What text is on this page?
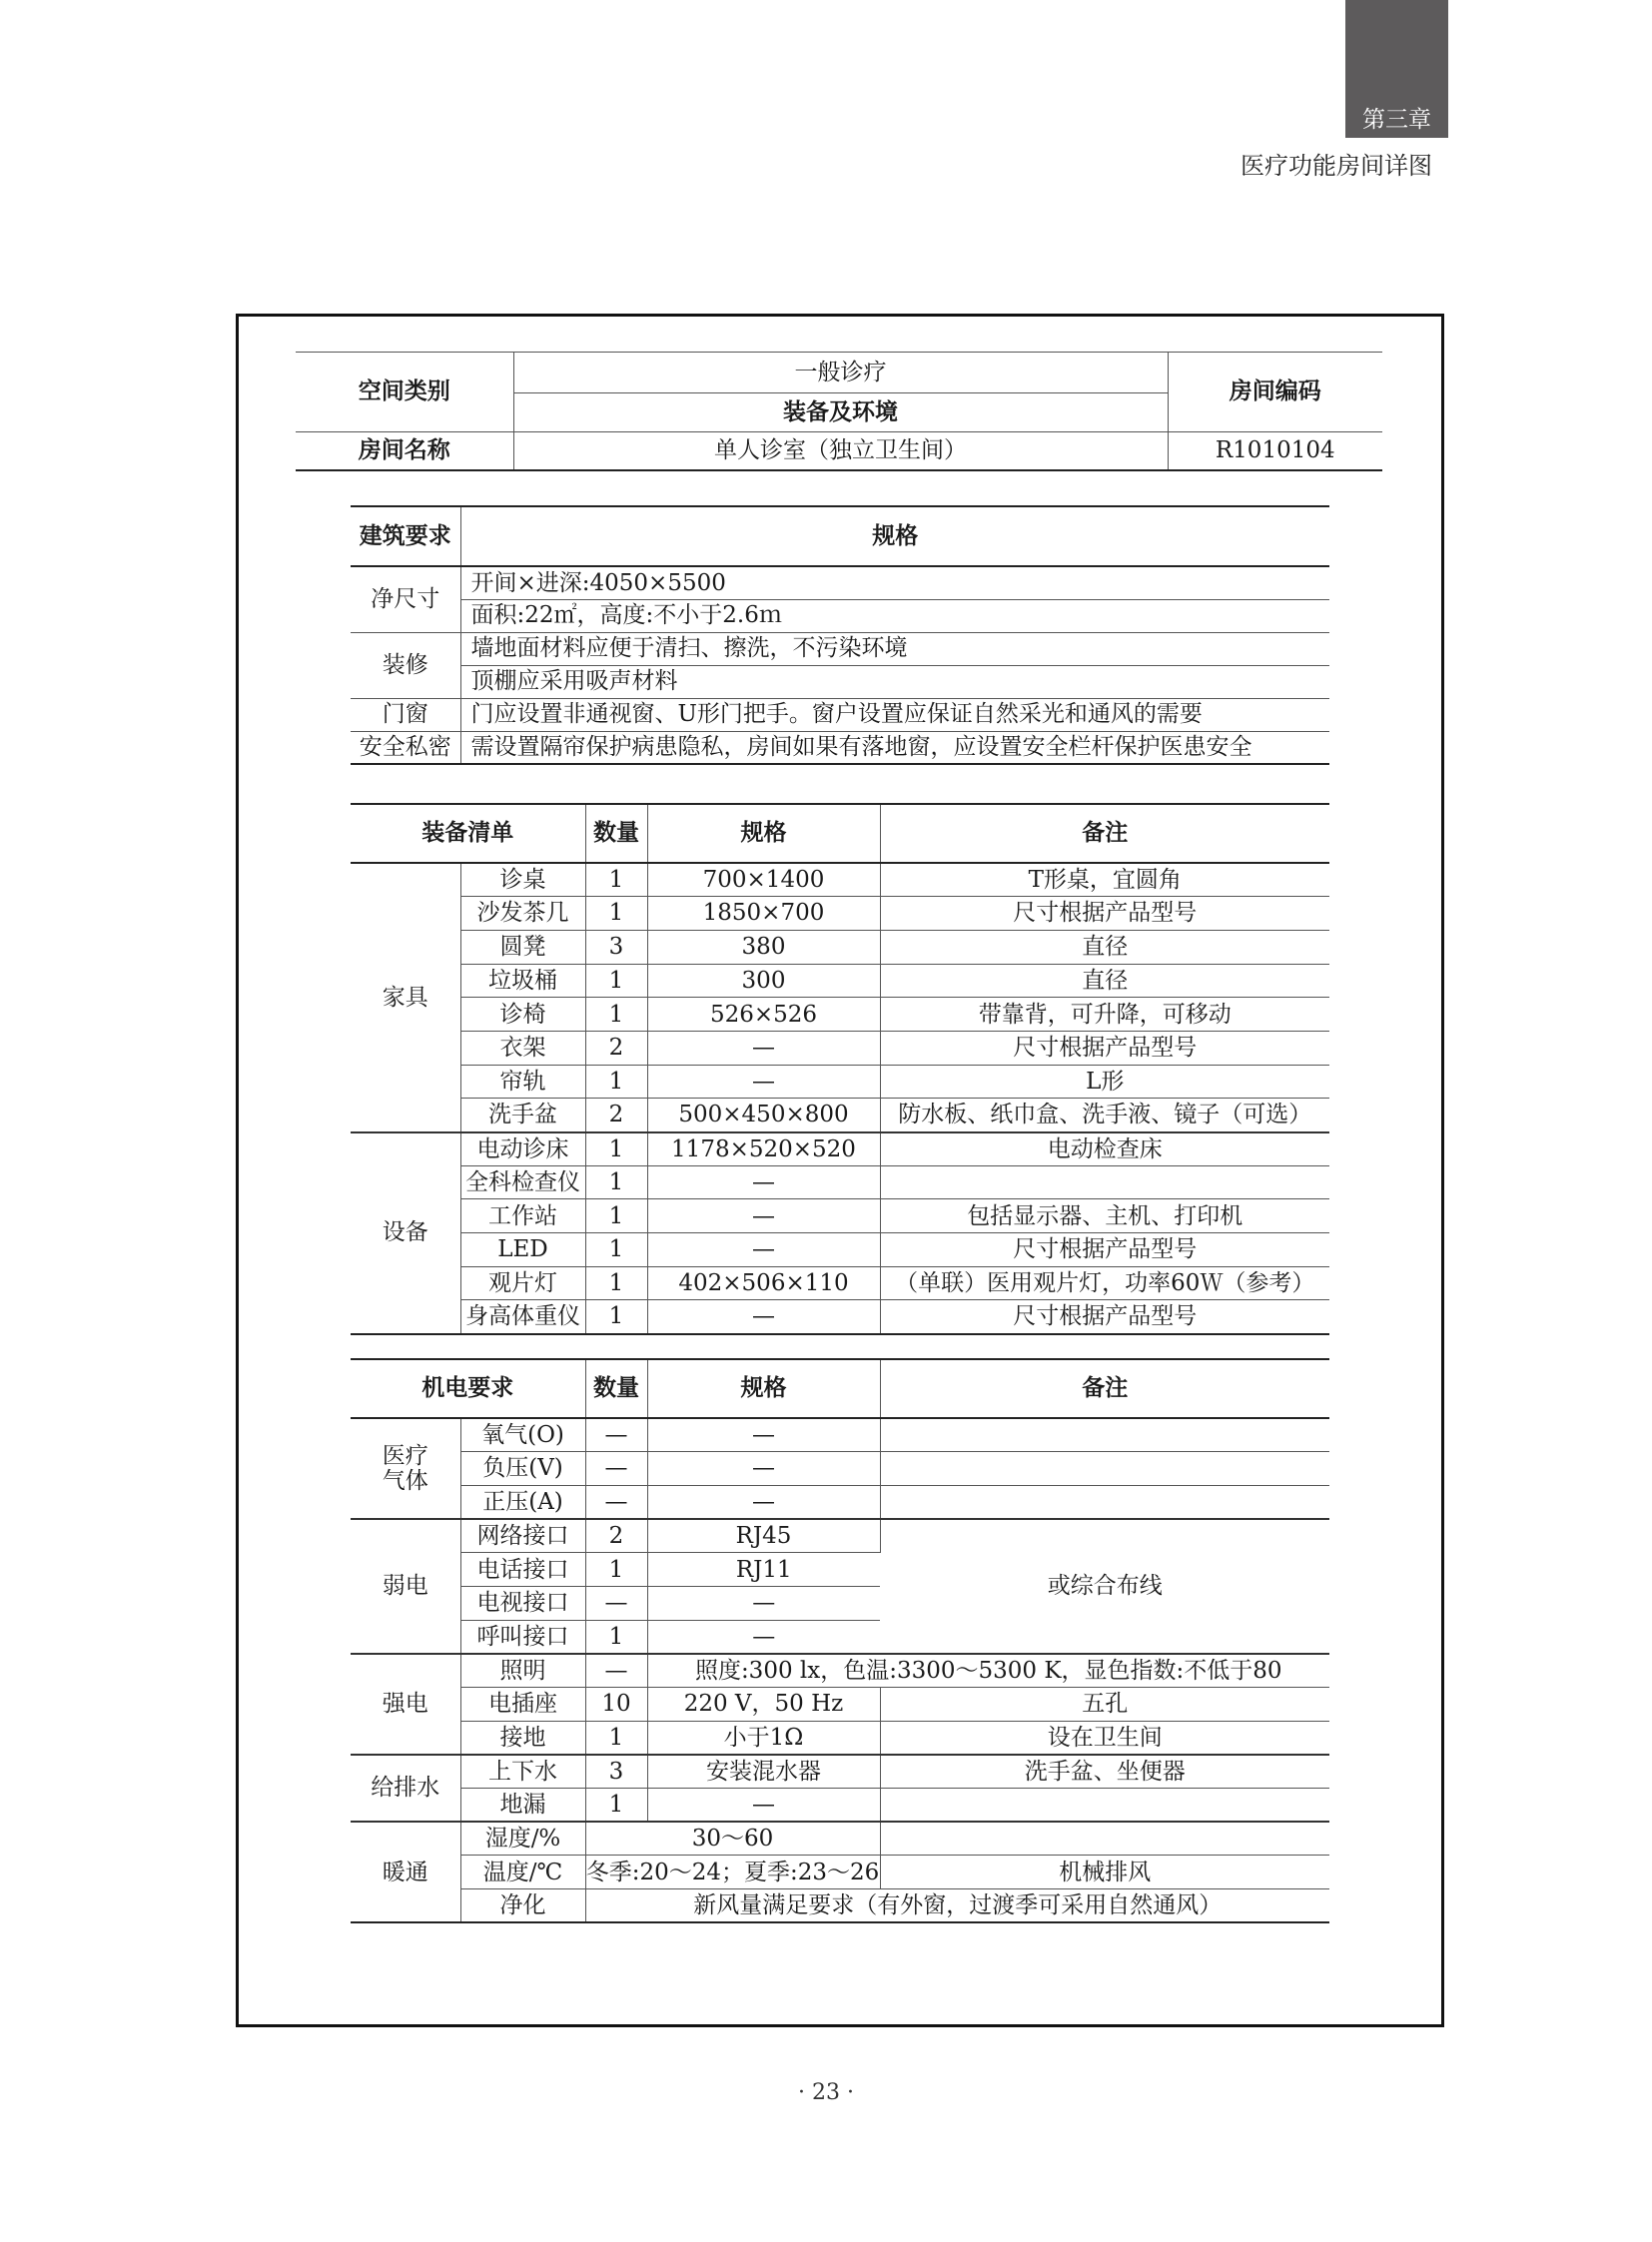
第三章
医疗功能房间详图
空间类别	一般诊疗	房间编码
	装备及环境	
房间名称	单人诊室（独立卫生间）	R1010104
建筑要求	规格
净尺寸	开间×进深:4050×5500
	面积:22㎡，高度:不小于2.6ｍ
装修	墙地面材料应便于清扫、擦洗，不污染环境
	顶棚应采用吸声材料
门窗	门应设置非通视窗、U形门把手。窗户设置应保证自然采光和通风的需要
安全私密	需设置隔帘保护病患隐私，房间如果有落地窗，应设置安全栏杆保护医患安全
装备清单		数量	规格	备注
家具	诊桌	1	700×1400	T形桌，宜圆角
	沙发茶几	1	1850×700	尺寸根据产品型号
	圆凳	3	380	直径
	垃圾桶	1	300	直径
	诊椅	1	526×526	带靠背，可升降，可移动
	衣架	2	—	尺寸根据产品型号
	帘轨	1	—	L形
	洗手盆	2	500×450×800	防水板、纸巾盒、洗手液、镜子（可选）
设备	电动诊床	1	1178×520×520	电动检查床
	全科检查仪	1	—	
	工作站	1	—	包括显示器、主机、打印机
	LED	1	—	尺寸根据产品型号
	观片灯	1	402×506×110	（单联）医用观片灯，功率60Ｗ（参考）
	身高体重仪	1	—	尺寸根据产品型号
机电要求		数量	规格	备注
医疗
气体	氧气(O)	—	—	
	负压(V)	—	—	
	正压(A)	—	—	
弱电	网络接口	2	RJ45	或综合布线
	电话接口	1	RJ11	
	电视接口	—	—	
	呼叫接口	1	—	
强电	照明	—	照度:300 lx，色温:3300～5300 K，显色指数:不低于80	
	电插座	10	220 V，50 Hz	五孔
	接地	1	小于1Ω	设在卫生间
给排水	上下水	3	安装混水器	洗手盆、坐便器
	地漏	1	—	
暖通	湿度/%	30～60		
	温度/℃	冬季:20～24；夏季:23～26		机械排风
	净化	新风量满足要求（有外窗，过渡季可采用自然通风）		
· 23 ·
